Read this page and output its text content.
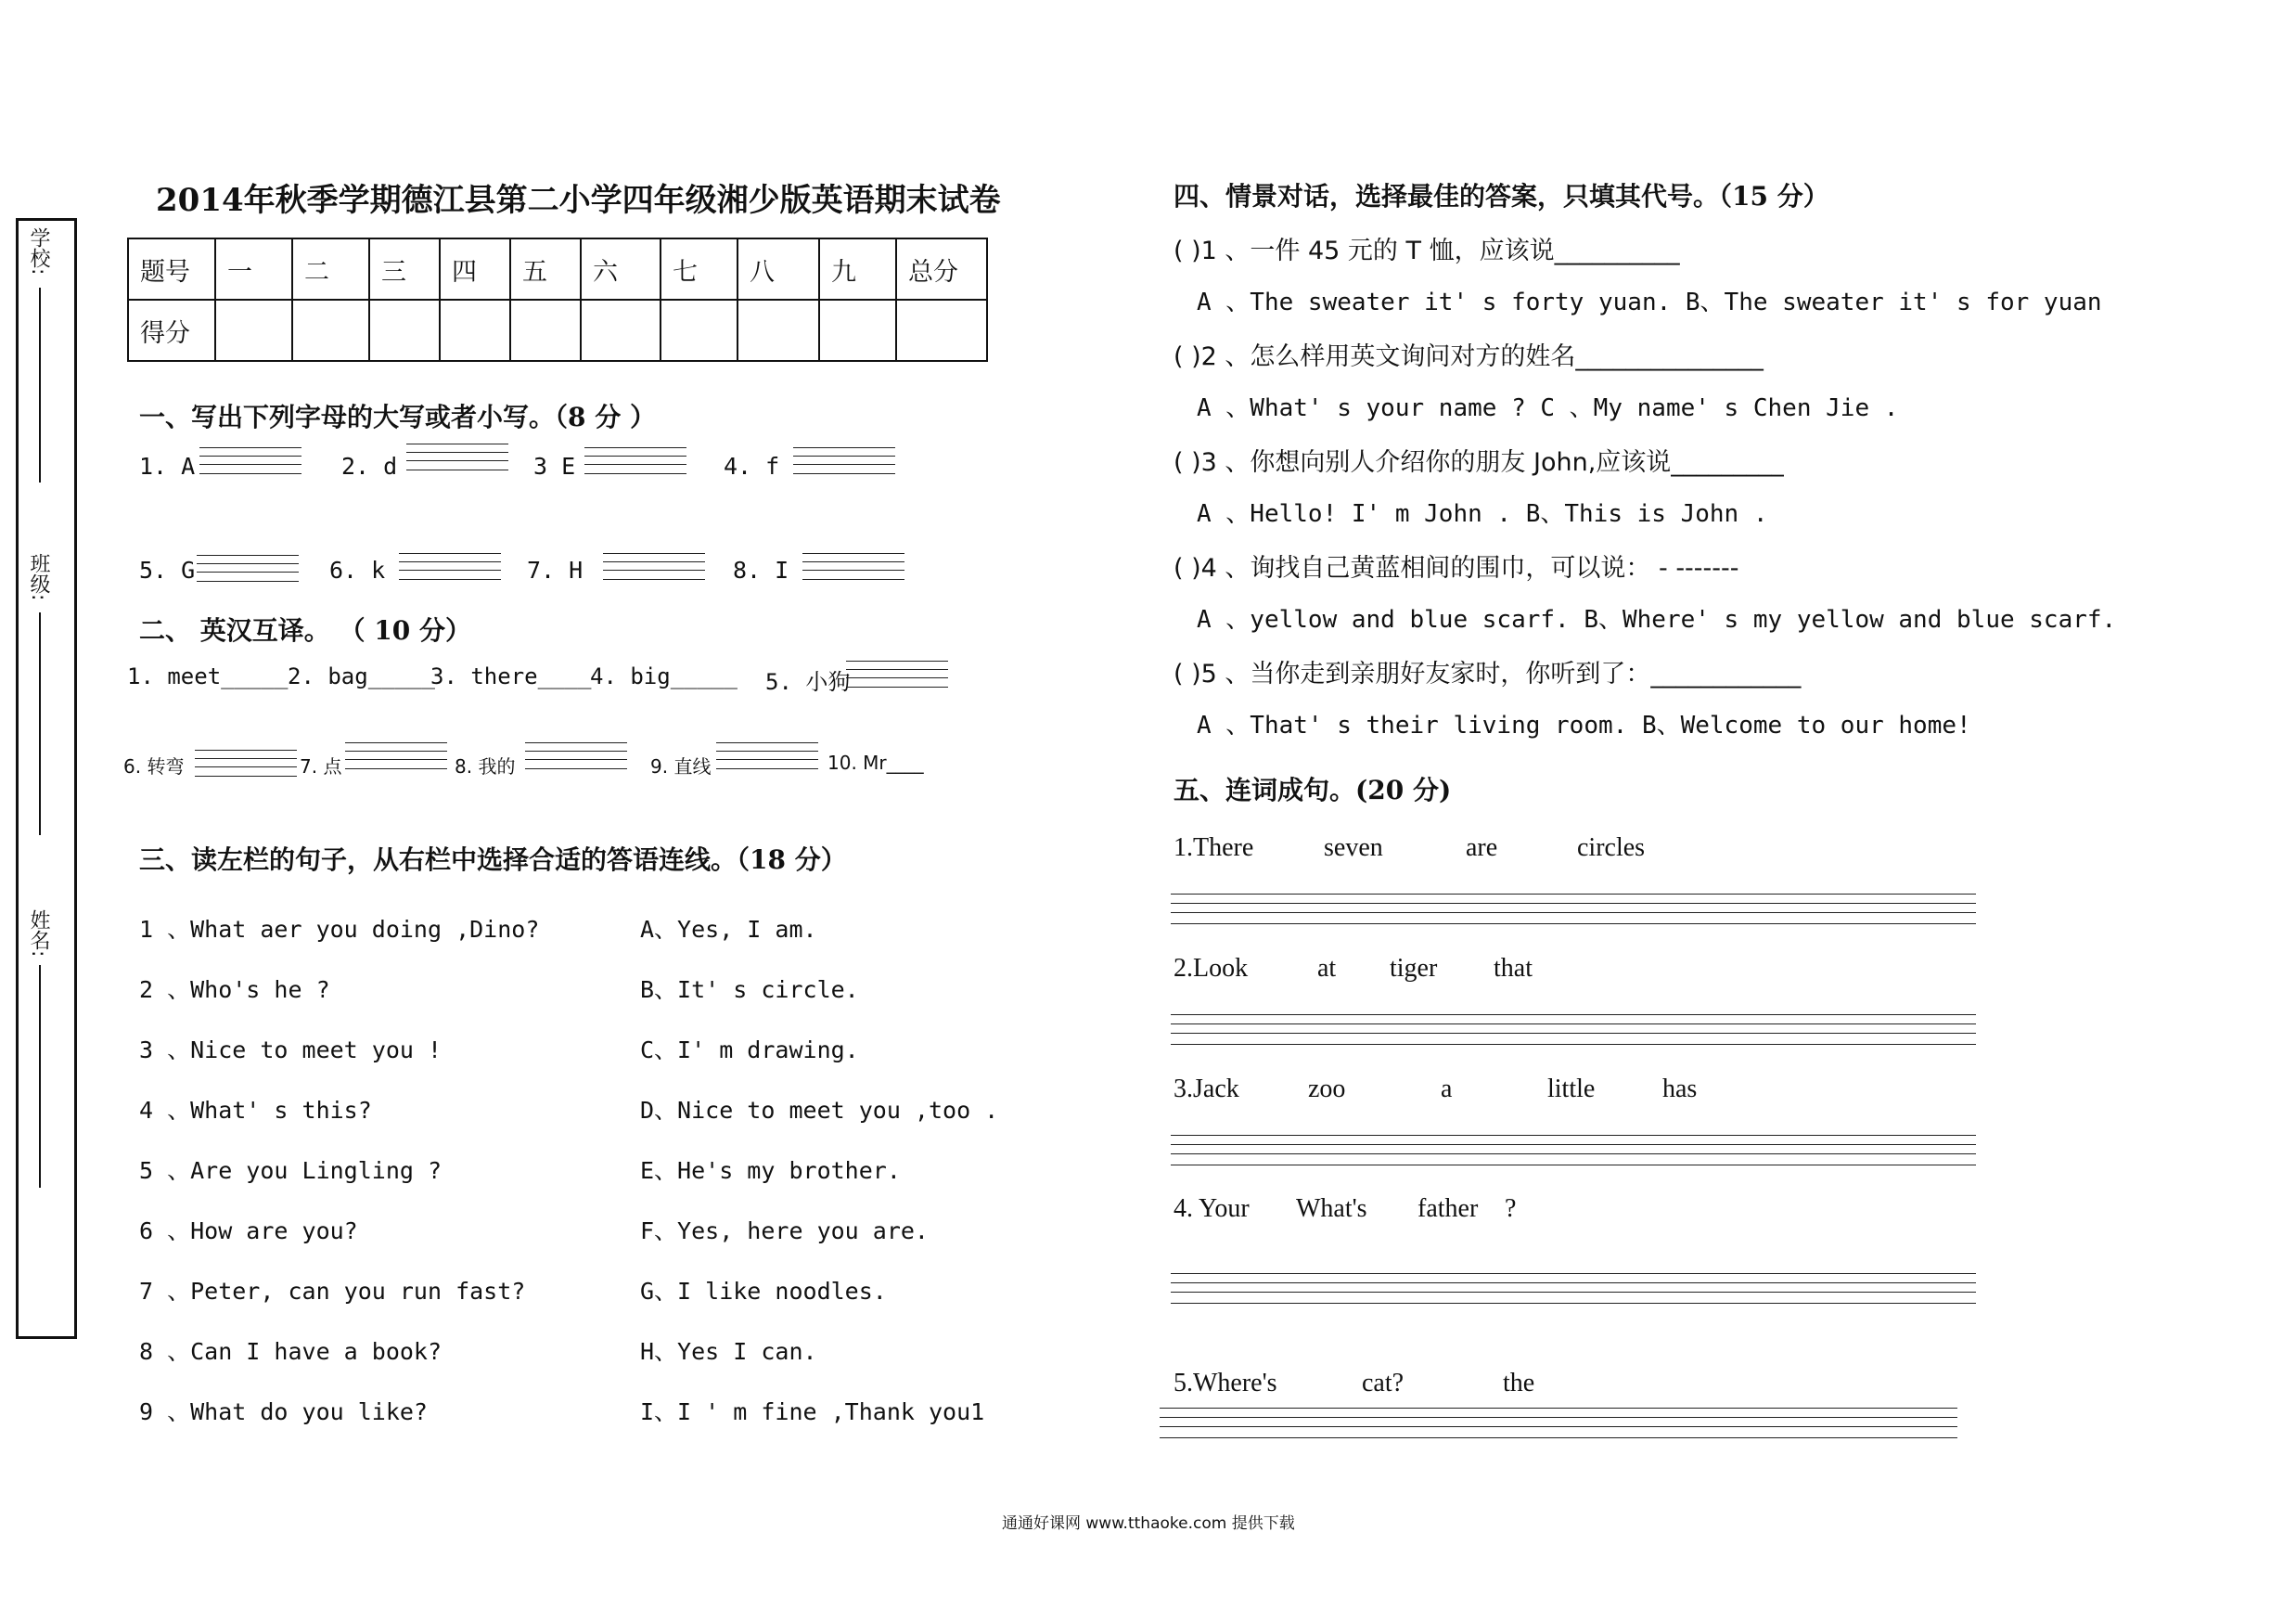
学校:
班级:
姓名:
2014年秋季学期德江县第二小学四年级湘少版英语期末试卷
题号	一	二	三	四	五	六	七	八	九	总分
得分										
一、写出下列字母的大写或者小写。（8 分 ）
1. A	2. d	3 E	4. f
5. G	6. k	7. H	8. I
二、 英汉互译。 （ 10 分）
1. meet_____ 2. bag_____
3. there____
4. big_____ 5. 小狗
6. 转弯	7. 点	8. 我的	9. 直线	10. Mr____
三、读左栏的句子，从右栏中选择合适的答语连线。（18 分）
1 、What aer you doing ,Dino?
2 、Who's he ?
3 、Nice to meet you !
4 、What' s this?
5 、Are you Lingling ?
6 、How are you?
7 、Peter, can you run fast?
8 、Can I have a book?
9 、What do you like?
A、Yes, I am.
B、It' s circle.
C、I' m drawing.
D、Nice to meet you ,too .
E、He's my brother.
F、Yes, here you are.
G、I like noodles.
H、Yes I can.
I、I ' m fine ,Thank you1
四、情景对话，选择最佳的答案，只填其代号。（15 分）
( )1 、一件 45 元的 T 恤，应该说__________
A 、The sweater it' s forty yuan. B、The sweater it' s for yuan
( )2 、怎么样用英文询问对方的姓名_______________
A 、What' s your name ? C 、My name' s Chen Jie .
( )3 、你想向别人介绍你的朋友 John,应该说_________
A 、Hello! I' m John . B、This is John .
( )4 、询找自己黄蓝相间的围巾，可以说： - -------
A 、yellow and blue scarf. B、Where' s my yellow and blue scarf.
( )5 、当你走到亲朋好友家时，你听到了：____________
A 、That' s their living room. B、Welcome to our home!
五、连词成句。(20 分)
1.There	seven	are	circles
2.Look	at tiger that
3.Jack	zoo	a	little	has
4. Your What's father ?
5.Where's	cat?	the
通通好课网 www.tthaoke.com 提供下载
